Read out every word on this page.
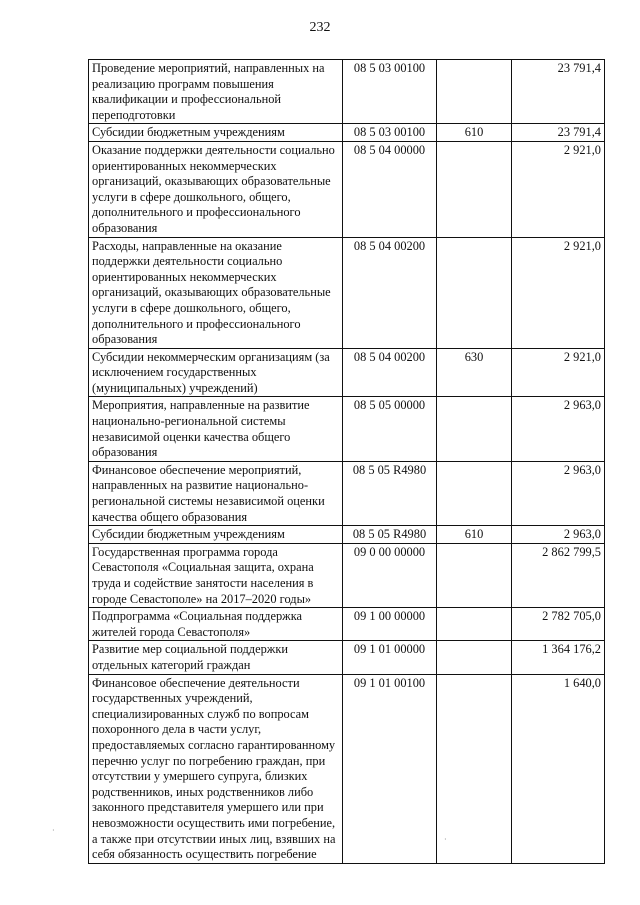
232
Проведение мероприятий, направленных на реализацию программ повышения квалификации и профессиональной переподготовки	08 5 03 00100		23 791,4
Субсидии бюджетным учреждениям	08 5 03 00100	610	23 791,4
Оказание поддержки деятельности социально ориентированных некоммерческих организаций, оказывающих образовательные услуги в сфере дошкольного, общего, дополнительного и профессионального образования	08 5 04 00000		2 921,0
Расходы, направленные на оказание поддержки деятельности социально ориентированных некоммерческих организаций, оказывающих образовательные услуги в сфере дошкольного, общего, дополнительного и профессионального образования	08 5 04 00200		2 921,0
Субсидии некоммерческим организациям (за исключением государственных (муниципальных) учреждений)	08 5 04 00200	630	2 921,0
Мероприятия, направленные на развитие национально-региональной системы независимой оценки качества общего образования	08 5 05 00000		2 963,0
Финансовое обеспечение мероприятий, направленных на развитие национально-региональной системы независимой оценки качества общего образования	08 5 05 R4980		2 963,0
Субсидии бюджетным учреждениям	08 5 05 R4980	610	2 963,0
Государственная программа города Севастополя «Социальная защита, охрана труда и содействие занятости населения в городе Севастополе» на 2017–2020 годы»	09 0 00 00000		2 862 799,5
Подпрограмма «Социальная поддержка жителей города Севастополя»	09 1 00 00000		2 782 705,0
Развитие мер социальной поддержки отдельных категорий граждан	09 1 01 00000		1 364 176,2
Финансовое обеспечение деятельности государственных учреждений, специализированных служб по вопросам похоронного дела в части услуг, предоставляемых согласно гарантированному перечню услуг по погребению граждан, при отсутствии у умершего супруга, близких родственников, иных родственников либо законного представителя умершего или при невозможности осуществить ими погребение, а также при отсутствии иных лиц, взявших на себя обязанность осуществить погребение	09 1 01 00100		1 640,0
·
·
